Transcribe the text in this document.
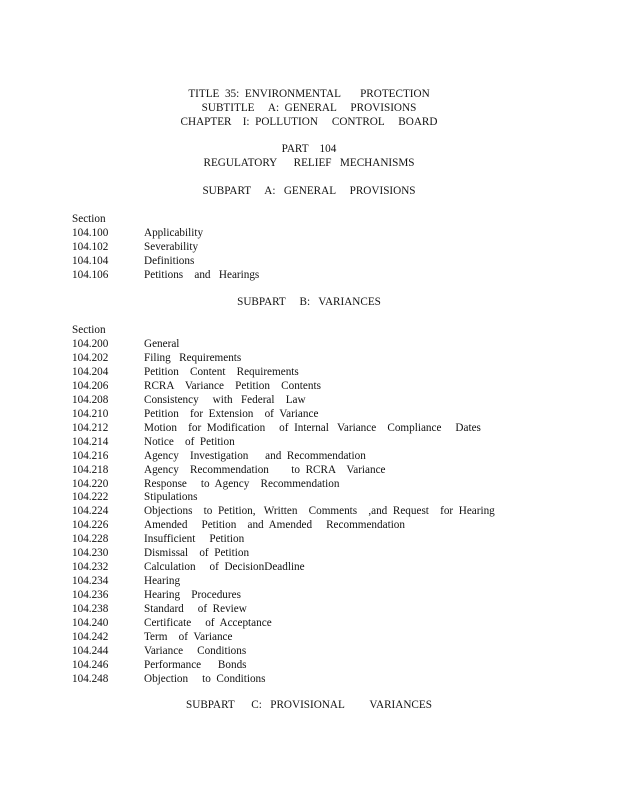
TITLE  35:  ENVIRONMENTAL       PROTECTION
SUBTITLE     A:  GENERAL     PROVISIONS
CHAPTER    I:  POLLUTION     CONTROL     BOARD
PART    104
REGULATORY      RELIEF   MECHANISMS
SUBPART     A:   GENERAL     PROVISIONS
Section
104.100	Applicability
104.102	Severability
104.104	Definitions
104.106	Petitions    and   Hearings
SUBPART     B:   VARIANCES
Section
104.200	General
104.202	Filing   Requirements
104.204	Petition    Content    Requirements
104.206	RCRA    Variance    Petition    Contents
104.208	Consistency     with   Federal    Law
104.210	Petition    for  Extension    of  Variance
104.212	Motion    for  Modification     of  Internal   Variance    Compliance     Dates
104.214	Notice    of  Petition
104.216	Agency    Investigation      and  Recommendation
104.218	Agency    Recommendation        to  RCRA    Variance
104.220	Response     to  Agency    Recommendation
104.222	Stipulations
104.224	Objections    to  Petition,   Written    Comments    ,and  Request    for  Hearing
104.226	Amended     Petition    and  Amended     Recommendation
104.228	Insufficient     Petition
104.230	Dismissal    of  Petition
104.232	Calculation     of  DecisionDeadline
104.234	Hearing
104.236	Hearing    Procedures
104.238	Standard     of  Review
104.240	Certificate     of  Acceptance
104.242	Term    of  Variance
104.244	Variance     Conditions
104.246	Performance      Bonds
104.248	Objection     to  Conditions
SUBPART      C:   PROVISIONAL         VARIANCES
